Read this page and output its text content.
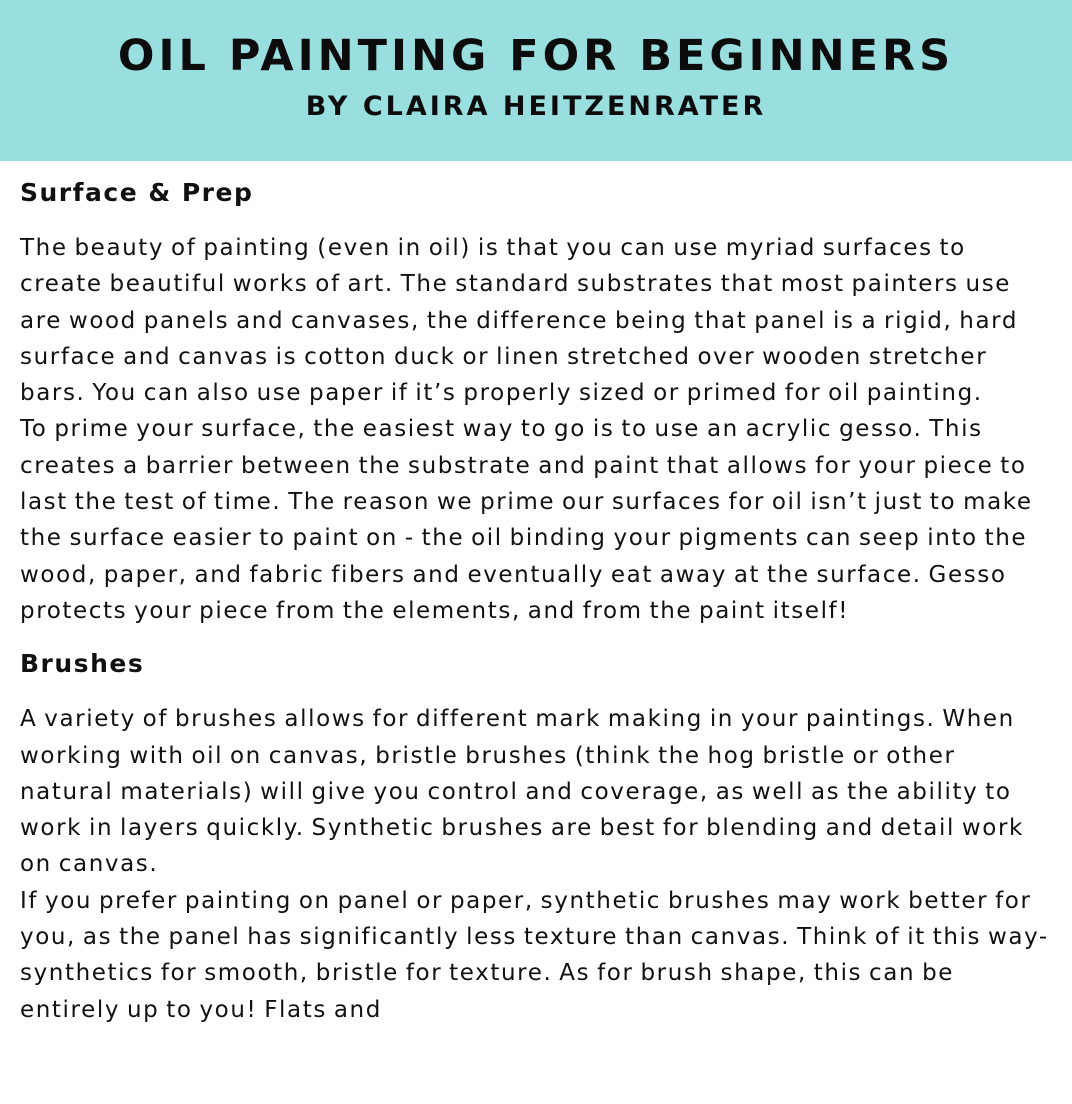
OIL PAINTING FOR BEGINNERS
BY CLAIRA HEITZENRATER
Surface & Prep

The beauty of painting (even in oil) is that you can use myriad surfaces to create beautiful works of art. The standard substrates that most painters use are wood panels and canvases, the difference being that panel is a rigid, hard surface and canvas is cotton duck or linen stretched over wooden stretcher bars. You can also use paper if it’s properly sized or primed for oil painting.

To prime your surface, the easiest way to go is to use an acrylic gesso. This creates a barrier between the substrate and paint that allows for your piece to last the test of time. The reason we prime our surfaces for oil isn’t just to make the surface easier to paint on - the oil binding your pigments can seep into the wood, paper, and fabric fibers and eventually eat away at the surface. Gesso protects your piece from the elements, and from the paint itself!

Brushes

A variety of brushes allows for different mark making in your paintings. When working with oil on canvas, bristle brushes (think the hog bristle or other natural materials) will give you control and coverage, as well as the ability to work in layers quickly. Synthetic brushes are best for blending and detail work on canvas.

If you prefer painting on panel or paper, synthetic brushes may work better for you, as the panel has significantly less texture than canvas. Think of it this way- synthetics for smooth, bristle for texture. As for brush shape, this can be entirely up to you! Flats and
